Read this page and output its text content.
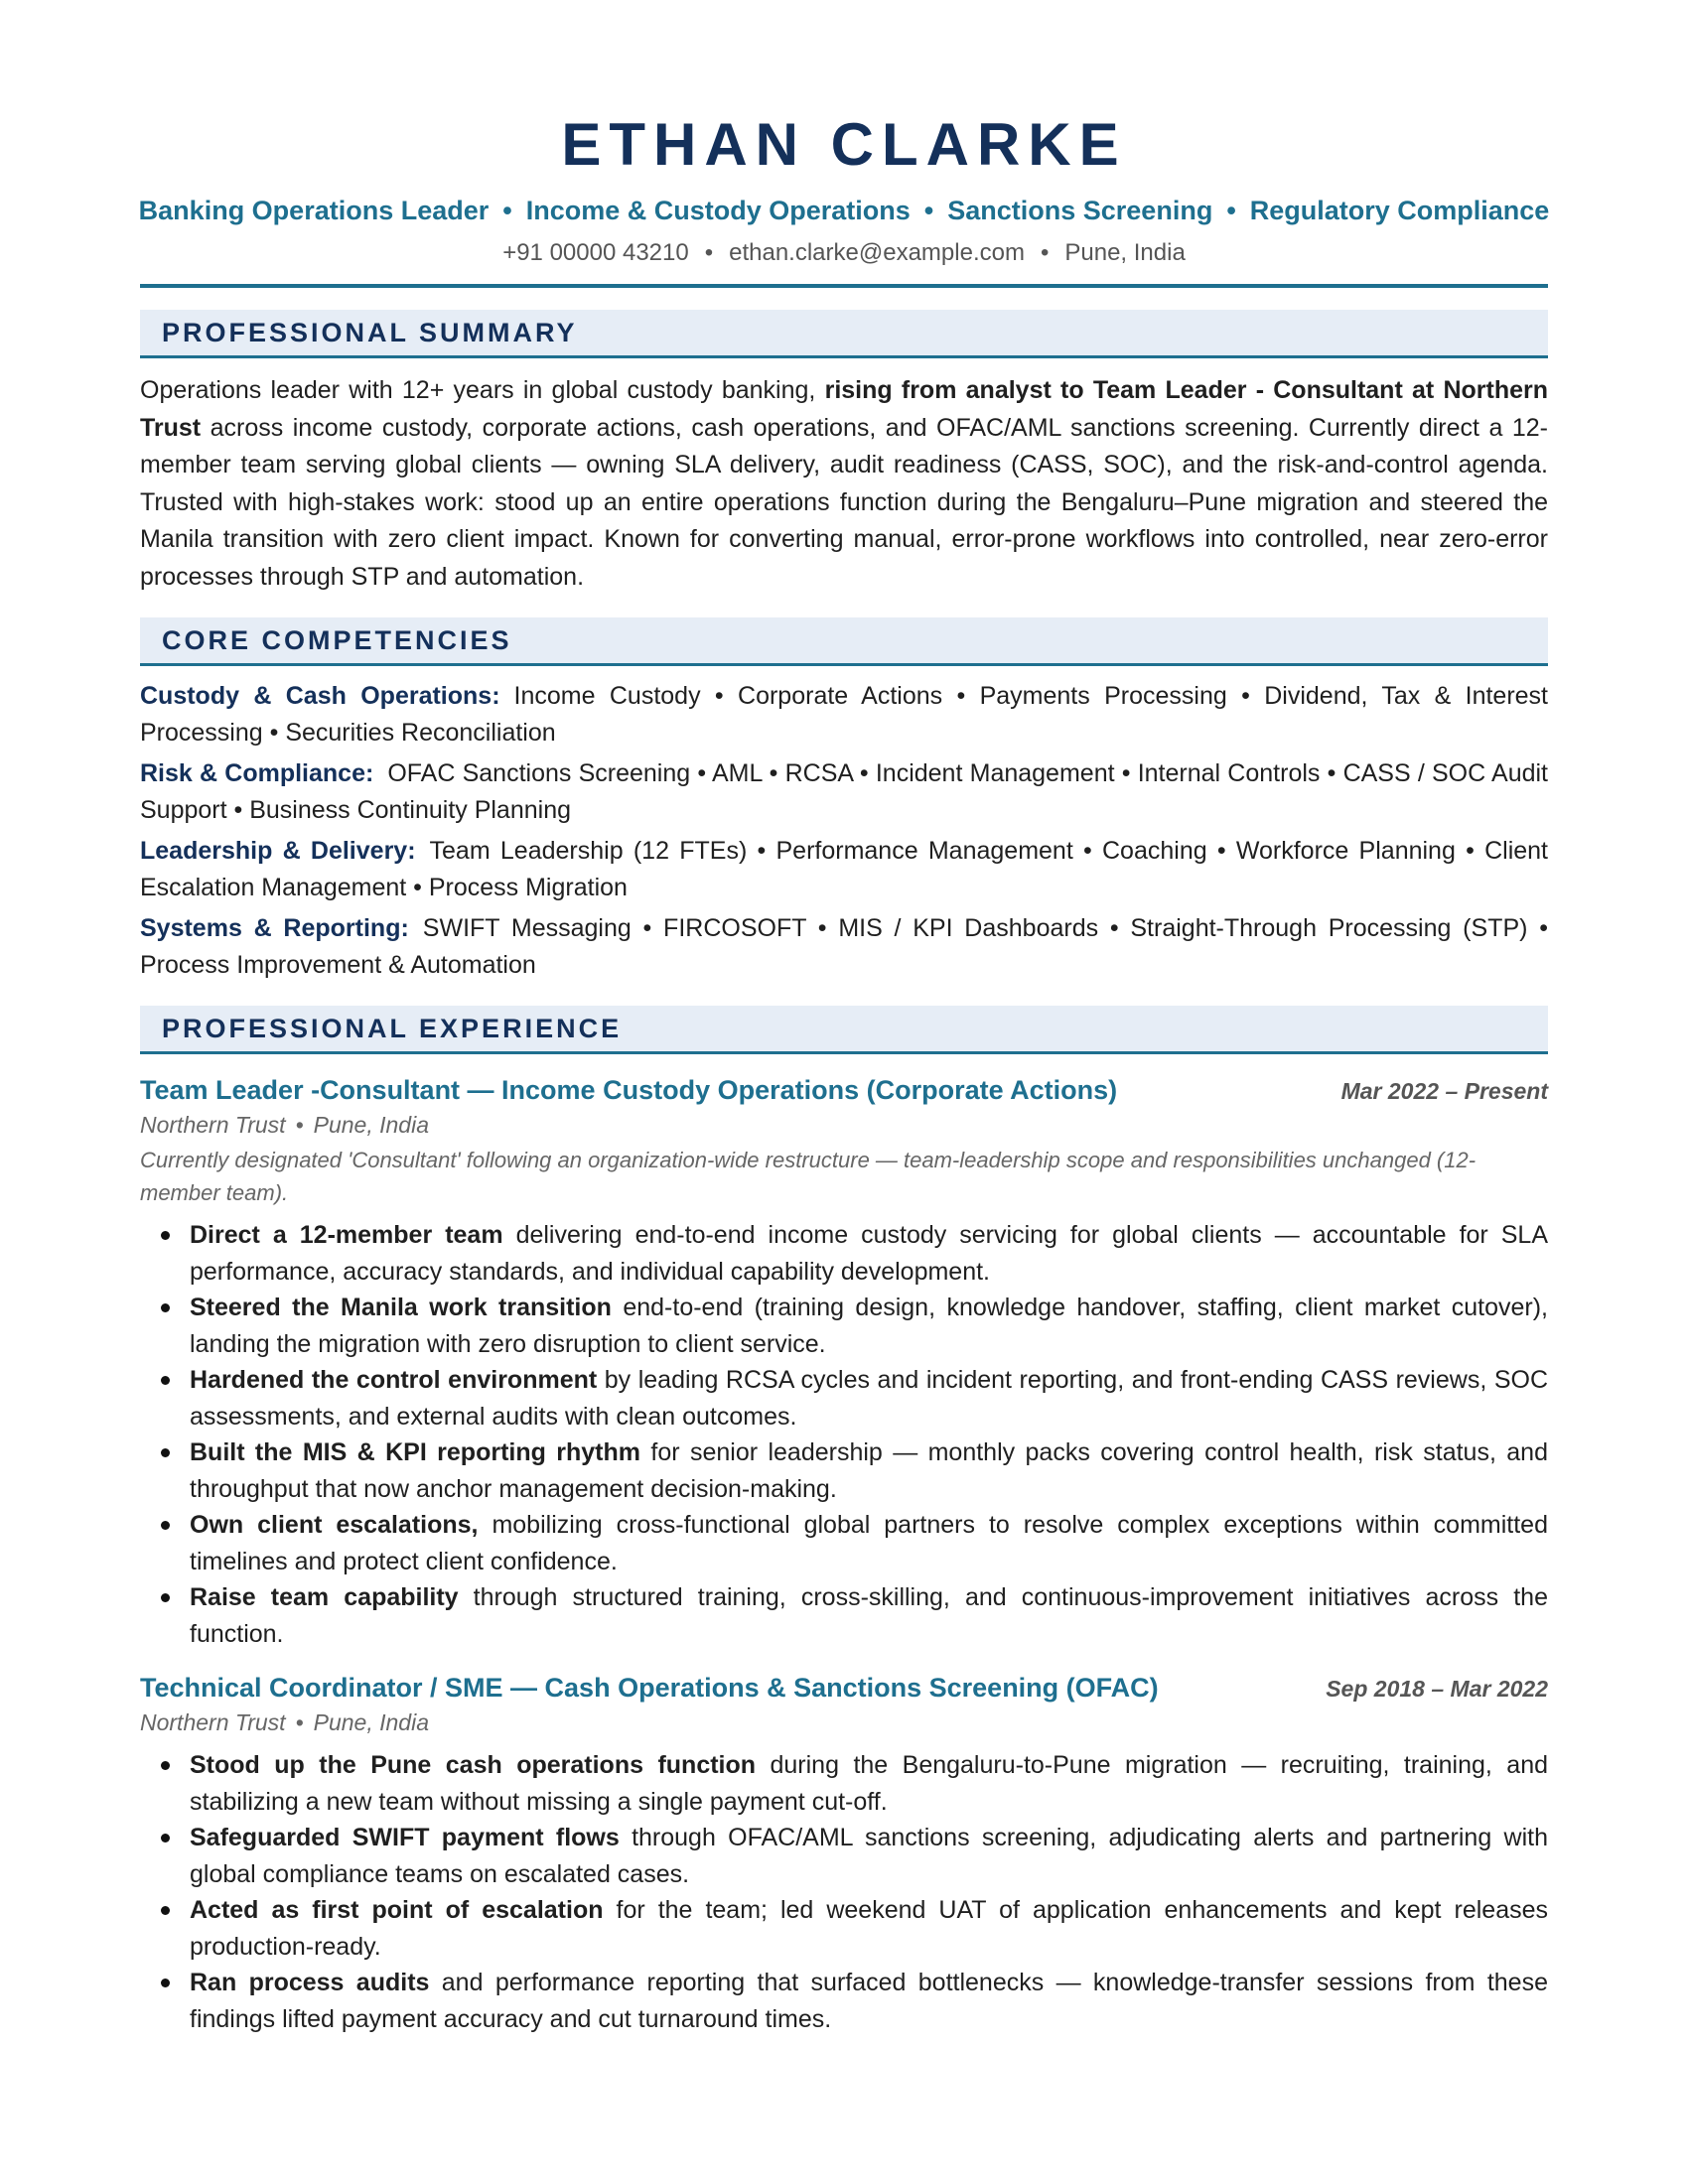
ETHAN CLARKE
Banking Operations Leader • Income & Custody Operations • Sanctions Screening • Regulatory Compliance
+91 00000 43210 • ethan.clarke@example.com • Pune, India
PROFESSIONAL SUMMARY

Operations leader with 12+ years in global custody banking, rising from analyst to Team Leader - Consultant at Northern Trust across income custody, corporate actions, cash operations, and OFAC/AML sanctions screening. Currently direct a 12-member team serving global clients — owning SLA delivery, audit readiness (CASS, SOC), and the risk-and-control agenda. Trusted with high-stakes work: stood up an entire operations function during the Bengaluru–Pune migration and steered the Manila transition with zero client impact. Known for converting manual, error-prone workflows into controlled, near zero-error processes through STP and automation.

CORE COMPETENCIES
Custody & Cash Operations: Income Custody • Corporate Actions • Payments Processing • Dividend, Tax & Interest Processing • Securities Reconciliation
Risk & Compliance: OFAC Sanctions Screening • AML • RCSA • Incident Management • Internal Controls • CASS / SOC Audit Support • Business Continuity Planning
Leadership & Delivery: Team Leadership (12 FTEs) • Performance Management • Coaching • Workforce Planning • Client Escalation Management • Process Migration
Systems & Reporting: SWIFT Messaging • FIRCOSOFT • MIS / KPI Dashboards • Straight-Through Processing (STP) • Process Improvement & Automation
PROFESSIONAL EXPERIENCE
Team Leader -Consultant — Income Custody Operations (Corporate Actions)	Mar 2022 – Present
Northern Trust • Pune, India
Currently designated 'Consultant' following an organization-wide restructure — team-leadership scope and responsibilities unchanged (12-member team).
Direct a 12-member team delivering end-to-end income custody servicing for global clients — accountable for SLA performance, accuracy standards, and individual capability development.
Steered the Manila work transition end-to-end (training design, knowledge handover, staffing, client market cutover), landing the migration with zero disruption to client service.
Hardened the control environment by leading RCSA cycles and incident reporting, and front-ending CASS reviews, SOC assessments, and external audits with clean outcomes.
Built the MIS & KPI reporting rhythm for senior leadership — monthly packs covering control health, risk status, and throughput that now anchor management decision-making.
Own client escalations, mobilizing cross-functional global partners to resolve complex exceptions within committed timelines and protect client confidence.
Raise team capability through structured training, cross-skilling, and continuous-improvement initiatives across the function.
Technical Coordinator / SME — Cash Operations & Sanctions Screening (OFAC)	Sep 2018 – Mar 2022
Northern Trust • Pune, India
Stood up the Pune cash operations function during the Bengaluru-to-Pune migration — recruiting, training, and stabilizing a new team without missing a single payment cut-off.
Safeguarded SWIFT payment flows through OFAC/AML sanctions screening, adjudicating alerts and partnering with global compliance teams on escalated cases.
Acted as first point of escalation for the team; led weekend UAT of application enhancements and kept releases production-ready.
Ran process audits and performance reporting that surfaced bottlenecks — knowledge-transfer sessions from these findings lifted payment accuracy and cut turnaround times.
